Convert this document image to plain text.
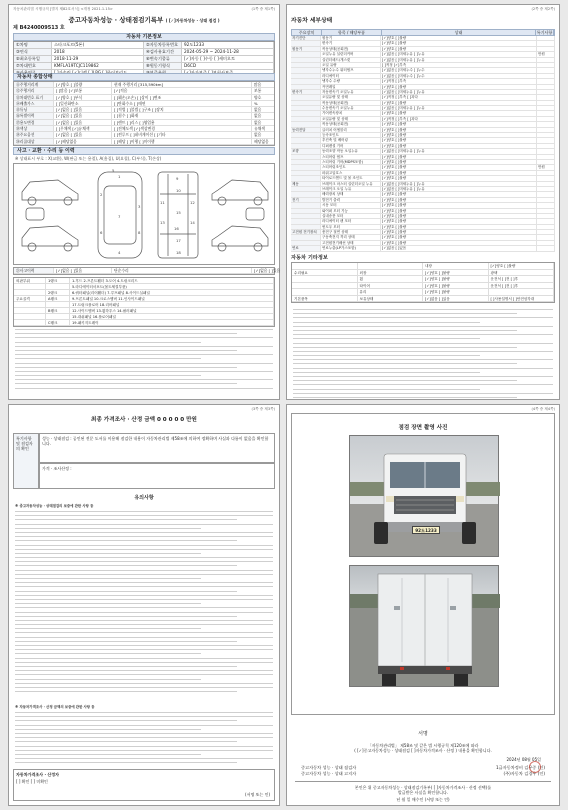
자동차관리법 시행규칙 [별지 제82호서식] <개정 2021.1.15>	(1쪽 중 제1쪽)
중고자동차성능 · 상태점검기록부 ( [✓]자동차성능 · 상태 점검 )
제 B4240009513 호
자동차 기본정보
①차명	스타크포르(5톤)	②자동차등록번호	92도1233
③연식	2018	④검사유효기간	2024-05-29 ~ 2024-11-28
⑤최초등록일	2018-11-29	⑥변속기종류	[✓]자동 [ ]수동 [ ]세미오토
⑦차대번호	KMFLA19TCJC119862	⑧원동기형식	D6CD
자동차 종합상태
⑪주행거리계	[✓]양호 [ ]불량	현재 주행거리 [315,590km]	많음
⑫주행거리	[ ]많음 [✓]보통	[✓]적음	보통
⑬차대번호 표기	[✓]양호 [ ]부식	[ ]훼손(오손) [ ]상이 [ ]변조	양호
⑭배출가스	[ ]일산화탄소	[ ]탄화수소 [ ]매연	%
⑮튜닝	[✓]없음 [ ]있음	[ ]적법 [ ]불법 [ ]구조 [ ]장치	없음
⑯특별이력	[✓]없음 [ ]있음	[ ]침수 [ ]화재	없음
⑰용도변경	[✓]없음 [ ]있음	[ ]렌트 [ ]리스 [ ]영업용	없음
⑱색상	[ ]무채색 [✓]유채색	[ ]전체도색 [✓]색상변경	유채색
⑲주요옵션	[✓]없음 [ ]있음	[ ]썬루프 [ ]네비게이션 [ ]기타	없음
⑳리콜대상	[✓]해당없음	[ ]해당 [ ]이행 [ ]미이행	해당없음
사고 · 교환 · 수리 등 이력
※ 상태표시 부호 : X(교환), W(판금 또는 용접), A(흠집), U(요철), C(부식), T(손상)
1
2
3
4
5
6
7
8
9
10
11	12
13	14
15
16
17
18
㉑사고이력	[✓]없음 [ ]있음	단순수리	[✓]없음 [ ]있음
외판부위	1랭크	1.후드 2.프론트휀더 3.도어 4.트렁크리드
5.라디에이터서포트(볼트체결부품)
2랭크	6.쿼터패널(리어휀더) 7.루프패널 8.사이드실패널
주요골격	A랭크	9.프론트패널 10.크로스멤버 11.인사이드패널
17.트렁크플로어 18.리어패널
B랭크	12.사이드멤버 13.휠하우스 14.필러패널
15.대쉬패널 16.플로어패널
C랭크	19.패키지트레이
(2쪽 중 제2쪽)
자동차 세부상태
주요장치	항목 / 해당부품	상태	특기사항
자기진단	원동기	[✓]양호 [ ]불량
변속기	[✓]양호 [ ]불량
원동기	작동상태(공회전)	[✓]양호 [ ]불량
오일누유 실린더커버	[✓]없음 [ ]미세누유 [ ]누유	만원
실린더헤드/개스킷	[✓]없음 [ ]미세누유 [ ]누유
오일 유량	[ ]적정 [✓]부족
냉각수누수 워터펌프	[✓]없음 [ ]미세누수 [ ]누수
라디에이터	[✓]없음 [ ]미세누수 [ ]누수
냉각수 수량	[✓]적정 [ ]부족
커먼레일	[✓]양호 [ ]불량
변속기	자동변속기 오일누유	[✓]없음 [ ]미세누유 [ ]누유
오일유량 및 상태	[✓]적정 [ ]부족 [ ]과다
작동상태(공회전)	[✓]양호 [ ]불량
수동변속기 오일누유	[✓]없음 [ ]미세누유 [ ]누유
기어변속장치	[✓]양호 [ ]불량
오일유량 및 상태	[✓]적정 [ ]부족 [ ]과다
작동상태(공회전)	[✓]양호 [ ]불량
동력전달	클러치 어셈블리	[✓]양호 [ ]불량
등속조인트	[✓]양호 [ ]불량
추진축 및 베어링	[✓]양호 [ ]불량
디퍼렌셜 기어	[✓]양호 [ ]불량
조향	동력조향 작동 오일누유	[✓]없음 [ ]미세누유 [ ]누유
스티어링 펌프	[✓]양호 [ ]불량
스티어링 기어(MDPS포함)	[✓]양호 [ ]불량
스티어링조인트	[✓]양호 [ ]불량	만원
파워고압호스	[✓]양호 [ ]불량
타이로드엔드 및 볼 조인트	[✓]양호 [ ]불량
제동	브레이크 마스터 실린더오일 누유	[✓]없음 [ ]미세누유 [ ]누유
브레이크 오일 누유	[✓]없음 [ ]미세누유 [ ]누유
배력장치 상태	[✓]양호 [ ]불량
전기	발전기 출력	[✓]양호 [ ]불량
시동 모터	[✓]양호 [ ]불량
와이퍼 모터 기능	[✓]양호 [ ]불량
실내송풍 모터	[✓]양호 [ ]불량
라디에이터 팬 모터	[✓]양호 [ ]불량
윈도우 모터	[✓]양호 [ ]불량
고전원 전기장치	충전구 절연 상태	[✓]양호 [ ]불량
구동축전지 격리 상태	[✓]양호 [ ]불량
고전원전기배선 상태	[✓]양호 [ ]불량
연료	연료누출(LP가스포함)	[✓]없음 [ ]있음
자동차 기타정보
내장	[✓]양호 [ ]불량
수리필요	외장	[✓]양호 [ ]불량	광택
휠	[✓]양호 [ ]불량	운전석 [ ]전 [ ]후
타이어	[✓]양호 [ ]불량	운전석 [ ]전 [ ]후
유리	[✓]양호 [ ]불량
기본품목	보유상태	[✓]없음 [ ]있음	[ ]사용설명서 [ ]안전삼각대
(3쪽 중 제3쪽)
최종 가격조사 · 산정 금액 0 0 0 0 0 만원
특기사항 및 점검자의 확인
성능 · 상태점검 : 공인된 전문 도서를 이용해 점검한 내용이 자동차관리법 제58조에 의하여 정확하며 사실과 다름이 없음을 확인합니다.
가격 · 조사산정 :
유의사항
※ 중고자동차성능 · 상태점검의 보증에 관한 사항 등
※ 자동차가격조사 · 산정 금액의 보증에 관한 사항 등
자동차가격조사 · 산정자
[ ] 확인 [ ] 미확인
(서명 또는 인)
(4쪽 중 제4쪽)
점검 장면 촬영 사진
92도1233
서명
「자동차관리법」 제58조 및 같은 법 시행규칙 제120조에 따라
( [✓]중고자동차성능 · 상태점검 [ ]자동차가격조사 · 산정 ) 내용을 확인합니다.
2024년 08월 05일
중고자동차 성능 · 상태 점검자	1급자동차정비 김무중 (인)
중고자동차 성능 · 상태 고지자	(주)자동차 김경우 (인)
본인은 위 중고자동차성능 · 상태점검기록부( [ ]자동차가격조사 · 산정 선택)를
발급받은 사실을 확인합니다.
년 월 일 매수인 (서명 또는 인)
